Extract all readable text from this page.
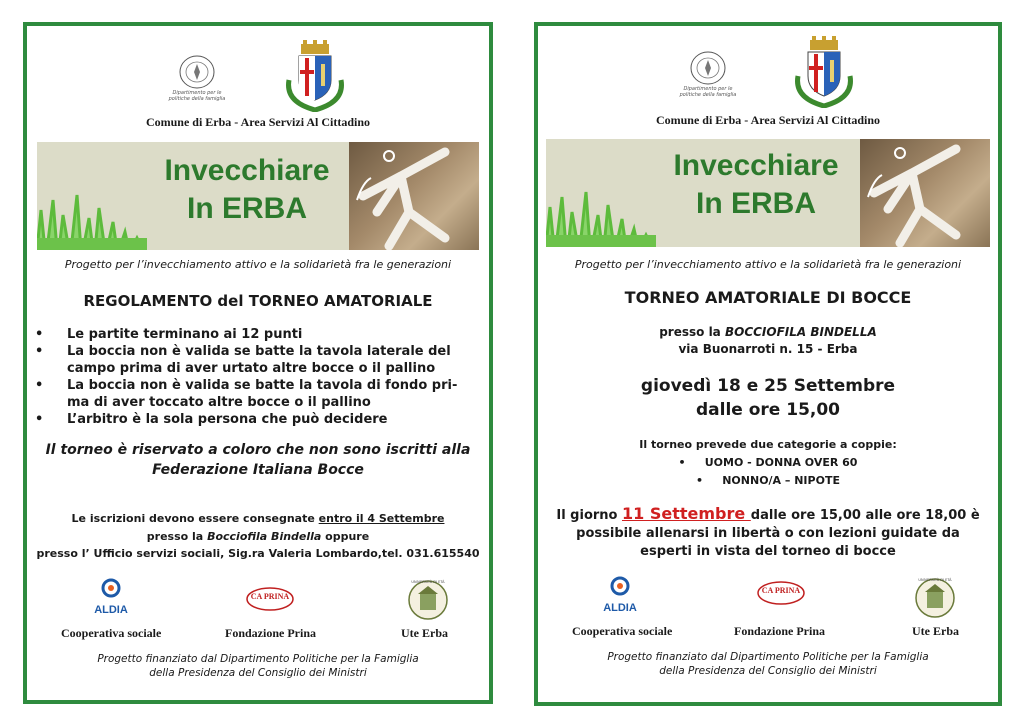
Dipartimento per le politiche della famiglia
Comune di Erba - Area Servizi Al Cittadino
Invecchiare
In ERBA
Progetto per l’invecchiamento attivo e la solidarietà fra le generazioni
REGOLAMENTO del TORNEO AMATORIALE
• Le partite terminano ai 12 punti
• La boccia non è valida se batte la tavola laterale del campo prima di aver urtato altre bocce o il pallino
• La boccia non è valida se batte la tavola di fondo pri-ma di aver toccato altre bocce o il pallino
• L’arbitro è la sola persona che può decidere
Il torneo è riservato a coloro che non sono iscritti alla Federazione Italiana Bocce
Le iscrizioni devono essere consegnate entro il 4 Settembre
presso la Bocciofila Bindella oppure
presso l’ Ufficio servizi sociali, Sig.ra Valeria Lombardo,tel. 031.615540
ALDIA
CA PRINA
UNIVERSITÀ DI ETÀ
Cooperativa sociale	Fondazione Prina	Ute Erba
Progetto finanziato dal Dipartimento Politiche per la Famiglia
della Presidenza del Consiglio dei Ministri
Dipartimento per le politiche della famiglia
Comune di Erba - Area Servizi Al Cittadino
Invecchiare
In ERBA
Progetto per l’invecchiamento attivo e la solidarietà fra le generazioni
TORNEO AMATORIALE DI BOCCE
presso la BOCCIOFILA BINDELLA
via Buonarroti n. 15 - Erba
giovedì 18 e 25 Settembre
dalle ore 15,00
Il torneo prevede due categorie a coppie:
• UOMO - DONNA OVER 60
• NONNO/A – NIPOTE
Il giorno 11 Settembre dalle ore 15,00 alle ore 18,00 è
possibile allenarsi in libertà o con lezioni guidate da
esperti in vista del torneo di bocce
ALDIA
CA PRINA
UNIVERSITÀ DI ETÀ
Cooperativa sociale	Fondazione Prina	Ute Erba
Progetto finanziato dal Dipartimento Politiche per la Famiglia
della Presidenza del Consiglio dei Ministri
